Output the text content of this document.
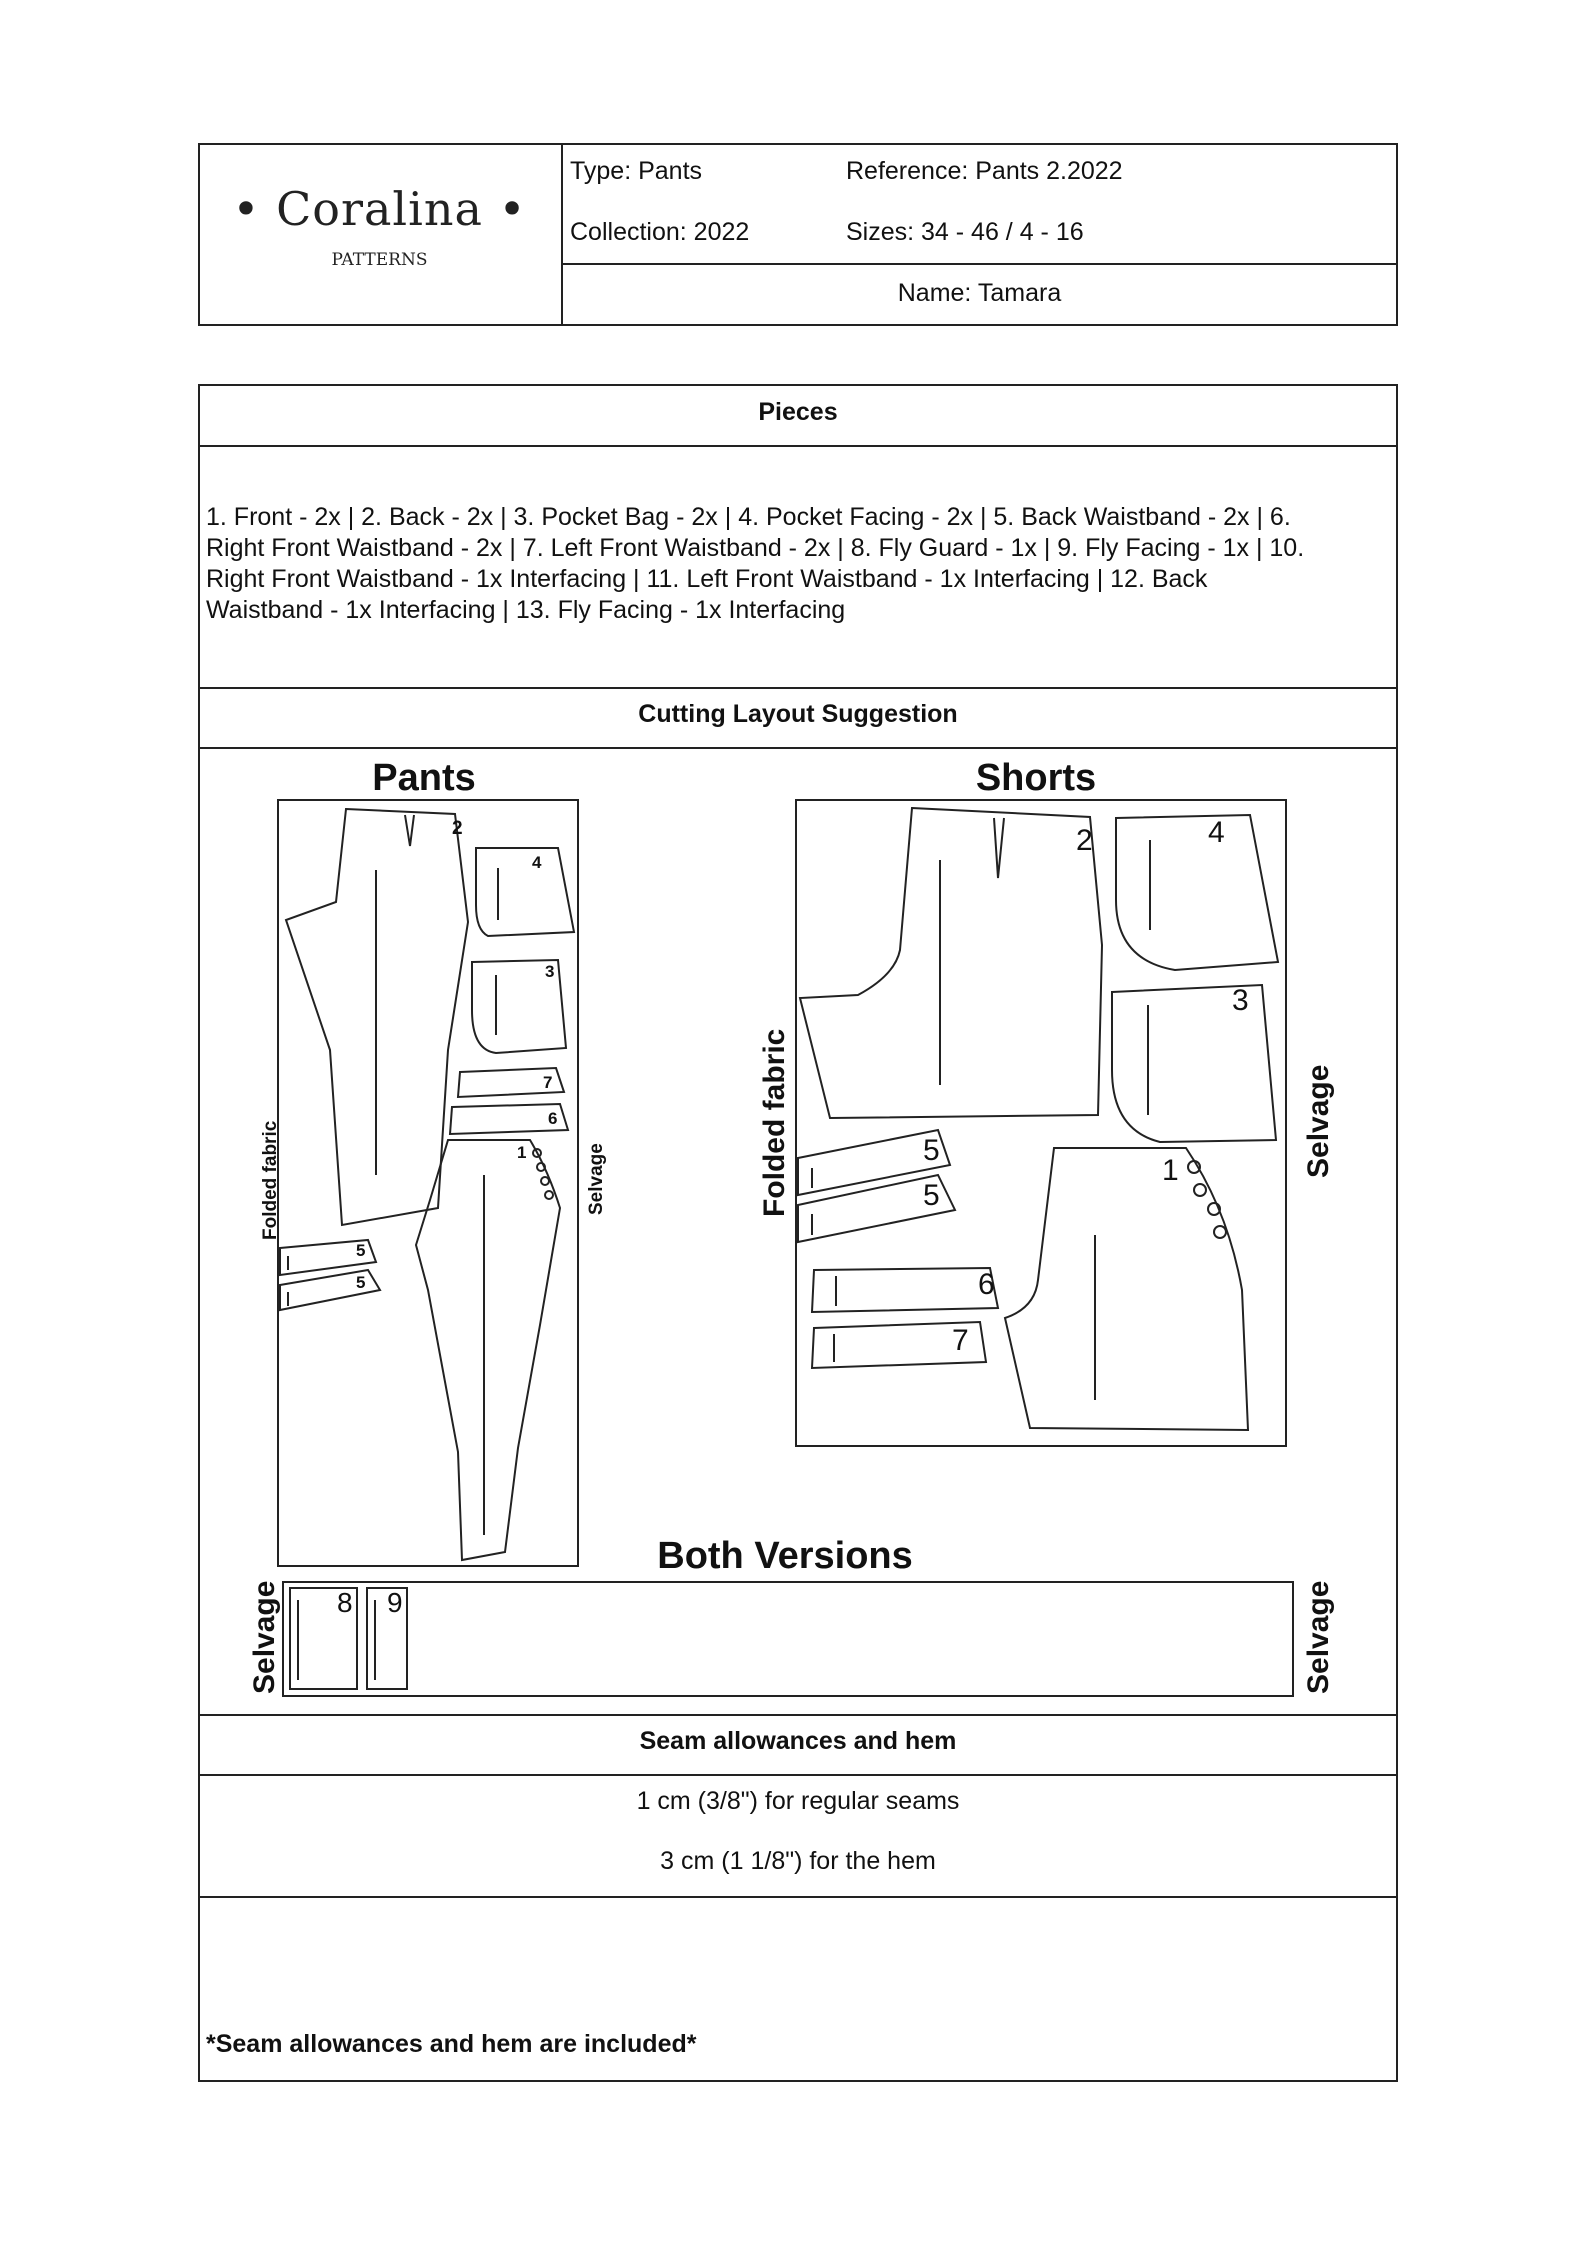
• Coralina •
PATTERNS
Type: Pants	Reference: Pants 2.2022
Collection: 2022	Sizes: 34 - 46 / 4 - 16
Name: Tamara
Pieces
1. Front - 2x | 2. Back - 2x | 3. Pocket Bag - 2x | 4. Pocket Facing - 2x | 5. Back Waistband - 2x | 6.
Right Front Waistband - 2x | 7. Left Front Waistband - 2x | 8. Fly Guard - 1x | 9. Fly Facing - 1x | 10.
Right Front Waistband - 1x Interfacing | 11. Left Front Waistband - 1x Interfacing | 12. Back
Waistband - 1x Interfacing | 13. Fly Facing - 1x Interfacing
Cutting Layout Suggestion
Pants	Shorts
Both Versions
Folded fabric	Selvage
2
4
3
7
6
1
5
5
Folded fabric	Selvage
2	4
3
1
5
5
6
7
Selvage	Selvage
8 9
Seam allowances and hem
1 cm (3/8") for regular seams
3 cm (1 1/8") for the hem
*Seam allowances and hem are included*
